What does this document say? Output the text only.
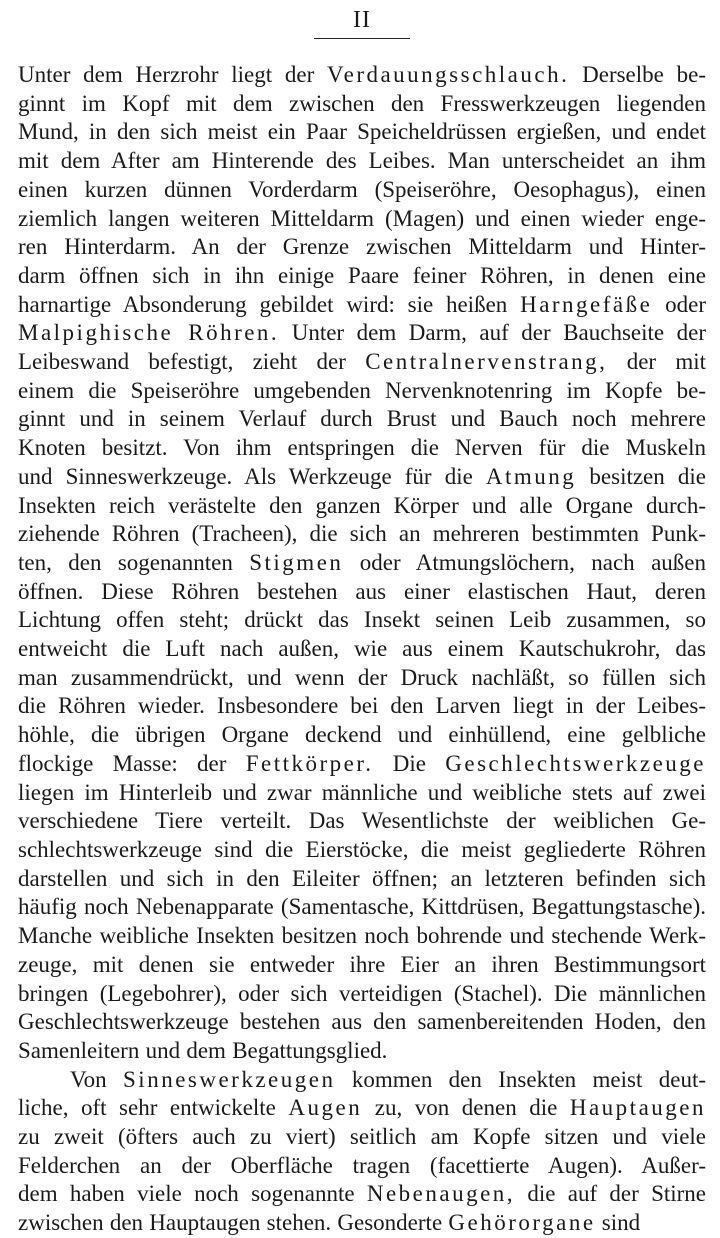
II
Unter dem Herzrohr liegt der Verdauungsschlauch. Derselbe be-
ginnt im Kopf mit dem zwischen den Fresswerkzeugen liegenden
Mund, in den sich meist ein Paar Speicheldrüssen ergießen, und endet
mit dem After am Hinterende des Leibes. Man unterscheidet an ihm
einen kurzen dünnen Vorderdarm (Speiseröhre, Oesophagus), einen
ziemlich langen weiteren Mitteldarm (Magen) und einen wieder enge-
ren Hinterdarm. An der Grenze zwischen Mitteldarm und Hinter-
darm öffnen sich in ihn einige Paare feiner Röhren, in denen eine
harnartige Absonderung gebildet wird: sie heißen Harngefäße oder
Malpighische Röhren. Unter dem Darm, auf der Bauchseite der
Leibeswand befestigt, zieht der Centralnervenstrang, der mit
einem die Speiseröhre umgebenden Nervenknotenring im Kopfe be-
ginnt und in seinem Verlauf durch Brust und Bauch noch mehrere
Knoten besitzt. Von ihm entspringen die Nerven für die Muskeln
und Sinneswerkzeuge. Als Werkzeuge für die Atmung besitzen die
Insekten reich verästelte den ganzen Körper und alle Organe durch-
ziehende Röhren (Tracheen), die sich an mehreren bestimmten Punk-
ten, den sogenannten Stigmen oder Atmungslöchern, nach außen
öffnen. Diese Röhren bestehen aus einer elastischen Haut, deren
Lichtung offen steht; drückt das Insekt seinen Leib zusammen, so
entweicht die Luft nach außen, wie aus einem Kautschukrohr, das
man zusammendrückt, und wenn der Druck nachläßt, so füllen sich
die Röhren wieder. Insbesondere bei den Larven liegt in der Leibes-
höhle, die übrigen Organe deckend und einhüllend, eine gelbliche
flockige Masse: der Fettkörper. Die Geschlechtswerkzeuge
liegen im Hinterleib und zwar männliche und weibliche stets auf zwei
verschiedene Tiere verteilt. Das Wesentlichste der weiblichen Ge-
schlechtswerkzeuge sind die Eierstöcke, die meist gegliederte Röhren
darstellen und sich in den Eileiter öffnen; an letzteren befinden sich
häufig noch Nebenapparate (Samentasche, Kittdrüsen, Begattungstasche).
Manche weibliche Insekten besitzen noch bohrende und stechende Werk-
zeuge, mit denen sie entweder ihre Eier an ihren Bestimmungsort
bringen (Legebohrer), oder sich verteidigen (Stachel). Die männlichen
Geschlechtswerkzeuge bestehen aus den samenbereitenden Hoden, den
Samenleitern und dem Begattungsglied.
Von Sinneswerkzeugen kommen den Insekten meist deut-
liche, oft sehr entwickelte Augen zu, von denen die Hauptaugen
zu zweit (öfters auch zu viert) seitlich am Kopfe sitzen und viele
Felderchen an der Oberfläche tragen (facettierte Augen). Außer-
dem haben viele noch sogenannte Nebenaugen, die auf der Stirne
zwischen den Hauptaugen stehen. Gesonderte Gehörorgane sind
